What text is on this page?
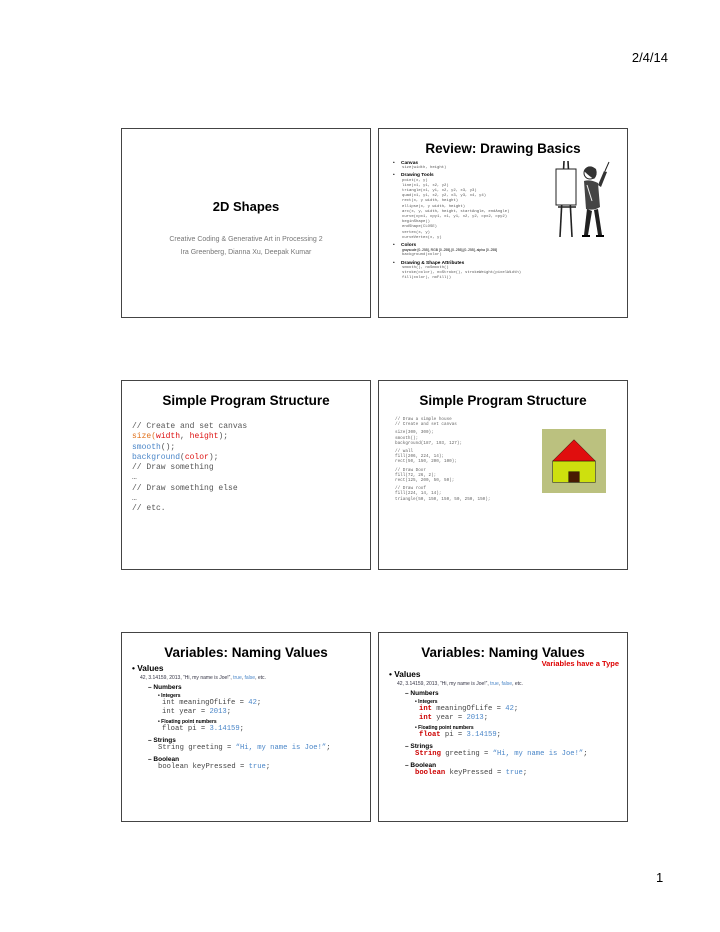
2/4/14
2D Shapes
Creative Coding & Generative Art in Processing 2
Ira Greenberg, Dianna Xu, Deepak Kumar
Review: Drawing Basics
• Canvas
size(width, height)
• Drawing Tools
point(x, y)
line(x1, y1, x2, y2)
triangle(x1, y1, x2, y2, x3, y3)
quad(x1, y1, x2, y2, x3, y3, x4, y4)
rect(x, y width, height)
ellipse(x, y width, height)
arc(x, y, width, height, startAngle, endAngle)
curve(cpx1, cpy1, x1, y1, x2, y2, cpx2, cpy2)
beginShape()
endShape(CLOSE)
vertex(x, y)
curveVertex(x, y)
• Colors
grayscale [0..255], RGB [0..255],[0..255],[0..255], alpha [0..255]
background(color)
• Drawing & Shape Attributes
smooth(), noSmooth()
stroke(color), noStroke(), strokeWeight(pixelWidth)
fill(color), noFill()
Simple Program Structure
// Create and set canvas
size(width, height);
smooth();
background(color);
// Draw something
…
// Draw something else
…
// etc.
Simple Program Structure
// Draw a simple house
// Create and set canvas
size(300, 300);
smooth();
background(187, 193, 127);
// wall
fill(206, 224, 14);
rect(50, 150, 200, 100);
// Draw Door
fill(72, 26, 2);
rect(125, 200, 50, 50);
// Draw roof
fill(224, 14, 14);
triangle(50, 150, 150, 50, 250, 150);
Variables: Naming Values
• Values
42, 3.14159, 2013, “Hi, my name is Joe!”, true, false, etc.
– Numbers
• Integers
int meaningOfLife = 42;
int year = 2013;
• Floating point numbers
float pi = 3.14159;
– Strings
String greeting = “Hi, my name is Joe!”;
– Boolean
boolean keyPressed = true;
Variables: Naming Values
Variables have a Type
• Values
42, 3.14159, 2013, “Hi, my name is Joe!”, true, false, etc.
– Numbers
• Integers
int meaningOfLife = 42;
int year = 2013;
• Floating point numbers
float pi = 3.14159;
– Strings
String greeting = “Hi, my name is Joe!”;
– Boolean
boolean keyPressed = true;
1
